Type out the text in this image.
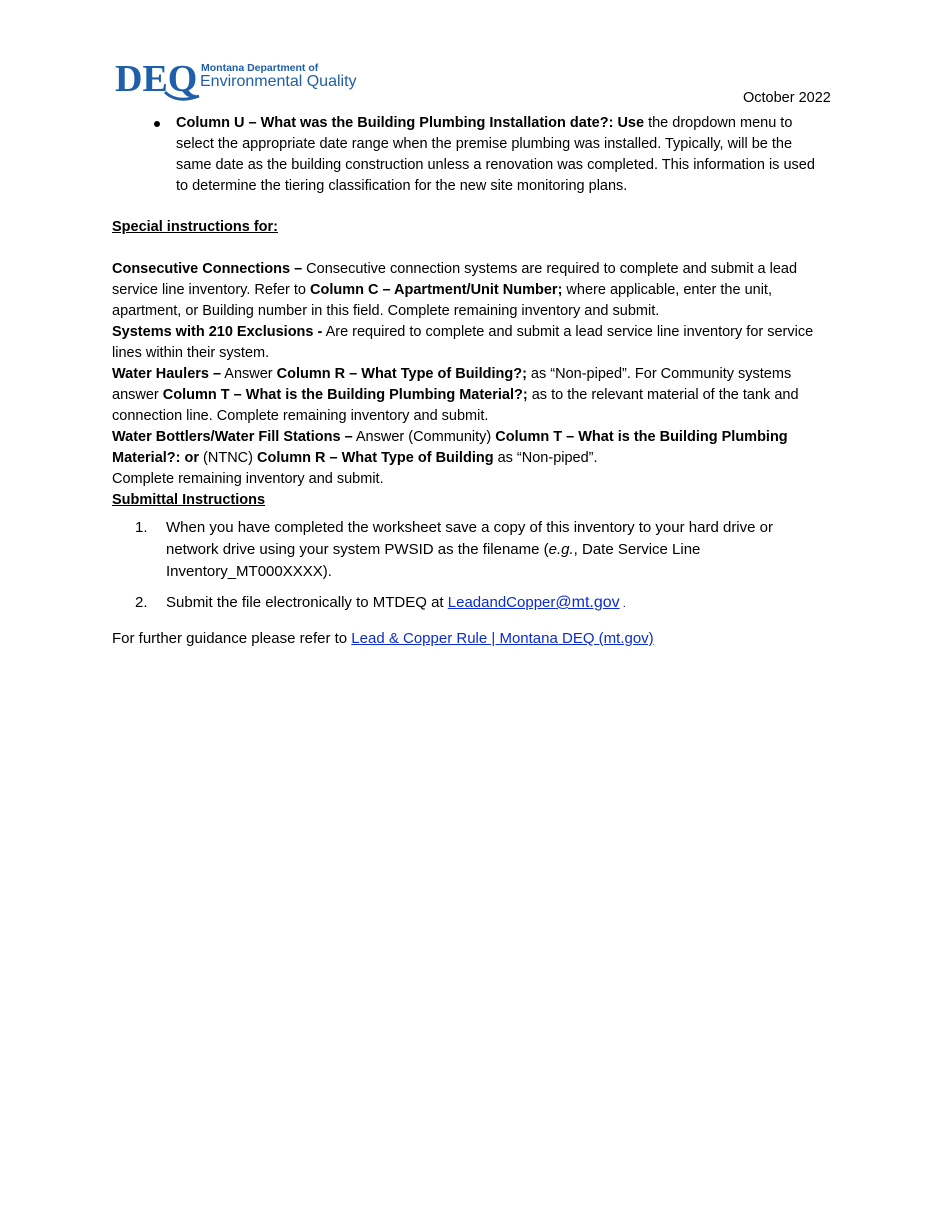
DEQ Montana Department of
Environmental Quality
October 2022
Column U – What was the Building Plumbing Installation date?: Use the dropdown menu to select the appropriate date range when the premise plumbing was installed. Typically, will be the same date as the building construction unless a renovation was completed. This information is used to determine the tiering classification for the new site monitoring plans.

Special instructions for:

Consecutive Connections – Consecutive connection systems are required to complete and submit a lead service line inventory. Refer to Column C – Apartment/Unit Number; where applicable, enter the unit, apartment, or Building number in this field. Complete remaining inventory and submit.

Systems with 210 Exclusions - Are required to complete and submit a lead service line inventory for service lines within their system.

Water Haulers – Answer Column R – What Type of Building?; as “Non-piped”. For Community systems answer Column T – What is the Building Plumbing Material?; as to the relevant material of the tank and connection line. Complete remaining inventory and submit.

Water Bottlers/Water Fill Stations – Answer (Community) Column T – What is the Building Plumbing Material?: or (NTNC) Column R – What Type of Building as “Non-piped”.

Complete remaining inventory and submit.

Submittal Instructions

1. When you have completed the worksheet save a copy of this inventory to your hard drive or network drive using your system PWSID as the filename (e.g., Date Service Line Inventory_MT000XXXX).
2. Submit the file electronically to MTDEQ at LeadandCopper@mt.gov .

For further guidance please refer to Lead & Copper Rule | Montana DEQ (mt.gov)
